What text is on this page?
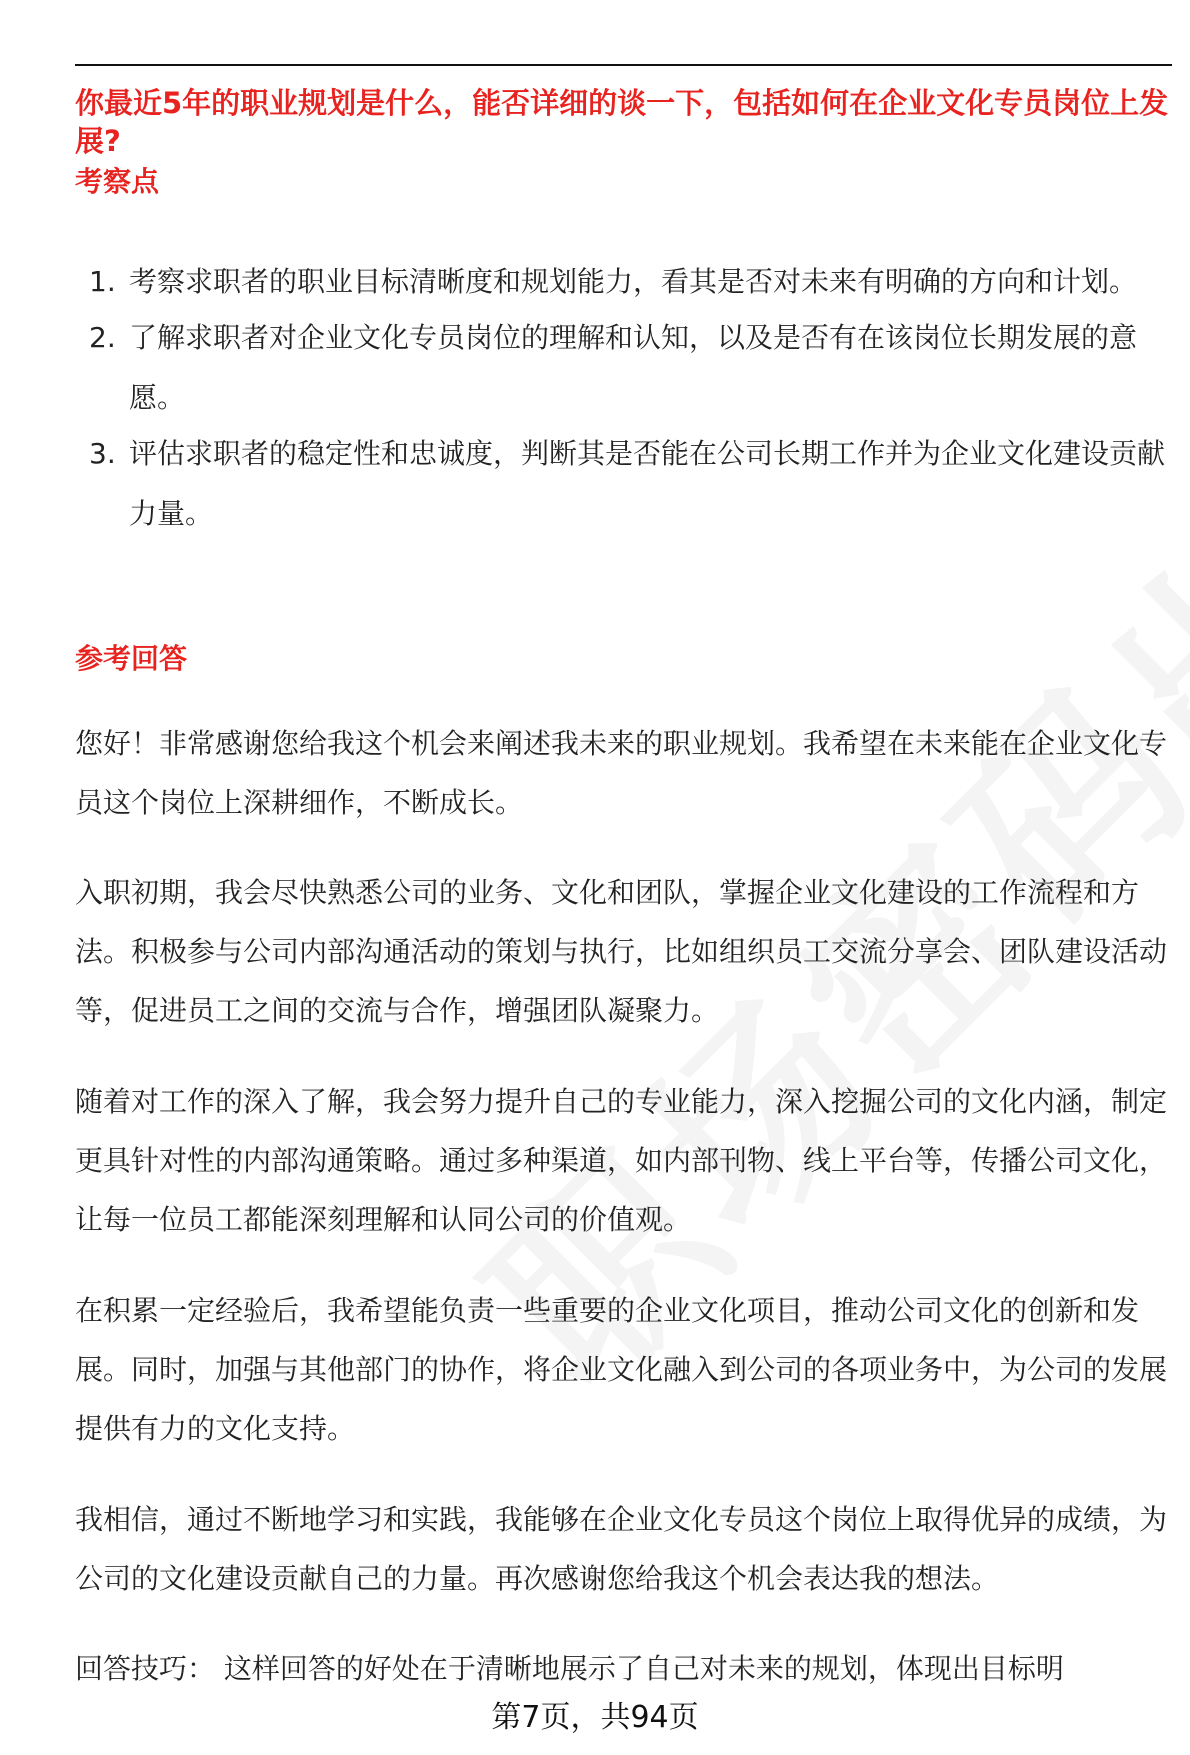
你最近5年的职业规划是什么，能否详细的谈一下，包括如何在企业文化专员岗位上发展?
考察点
1. 考察求职者的职业目标清晰度和规划能力，看其是否对未来有明确的方向和计划。
2. 了解求职者对企业文化专员岗位的理解和认知，以及是否有在该岗位长期发展的意愿。
3. 评估求职者的稳定性和忠诚度，判断其是否能在公司长期工作并为企业文化建设贡献力量。
参考回答

您好！非常感谢您给我这个机会来阐述我未来的职业规划。我希望在未来能在企业文化专员这个岗位上深耕细作，不断成长。

入职初期，我会尽快熟悉公司的业务、文化和团队，掌握企业文化建设的工作流程和方法。积极参与公司内部沟通活动的策划与执行，比如组织员工交流分享会、团队建设活动等，促进员工之间的交流与合作，增强团队凝聚力。

随着对工作的深入了解，我会努力提升自己的专业能力，深入挖掘公司的文化内涵，制定更具针对性的内部沟通策略。通过多种渠道，如内部刊物、线上平台等，传播公司文化，让每一位员工都能深刻理解和认同公司的价值观。

在积累一定经验后，我希望能负责一些重要的企业文化项目，推动公司文化的创新和发展。同时，加强与其他部门的协作，将企业文化融入到公司的各项业务中，为公司的发展提供有力的文化支持。

我相信，通过不断地学习和实践，我能够在企业文化专员这个岗位上取得优异的成绩，为公司的文化建设贡献自己的力量。再次感谢您给我这个机会表达我的想法。

回答技巧： 这样回答的好处在于清晰地展示了自己对未来的规划，体现出目标明

第7页，共94页
